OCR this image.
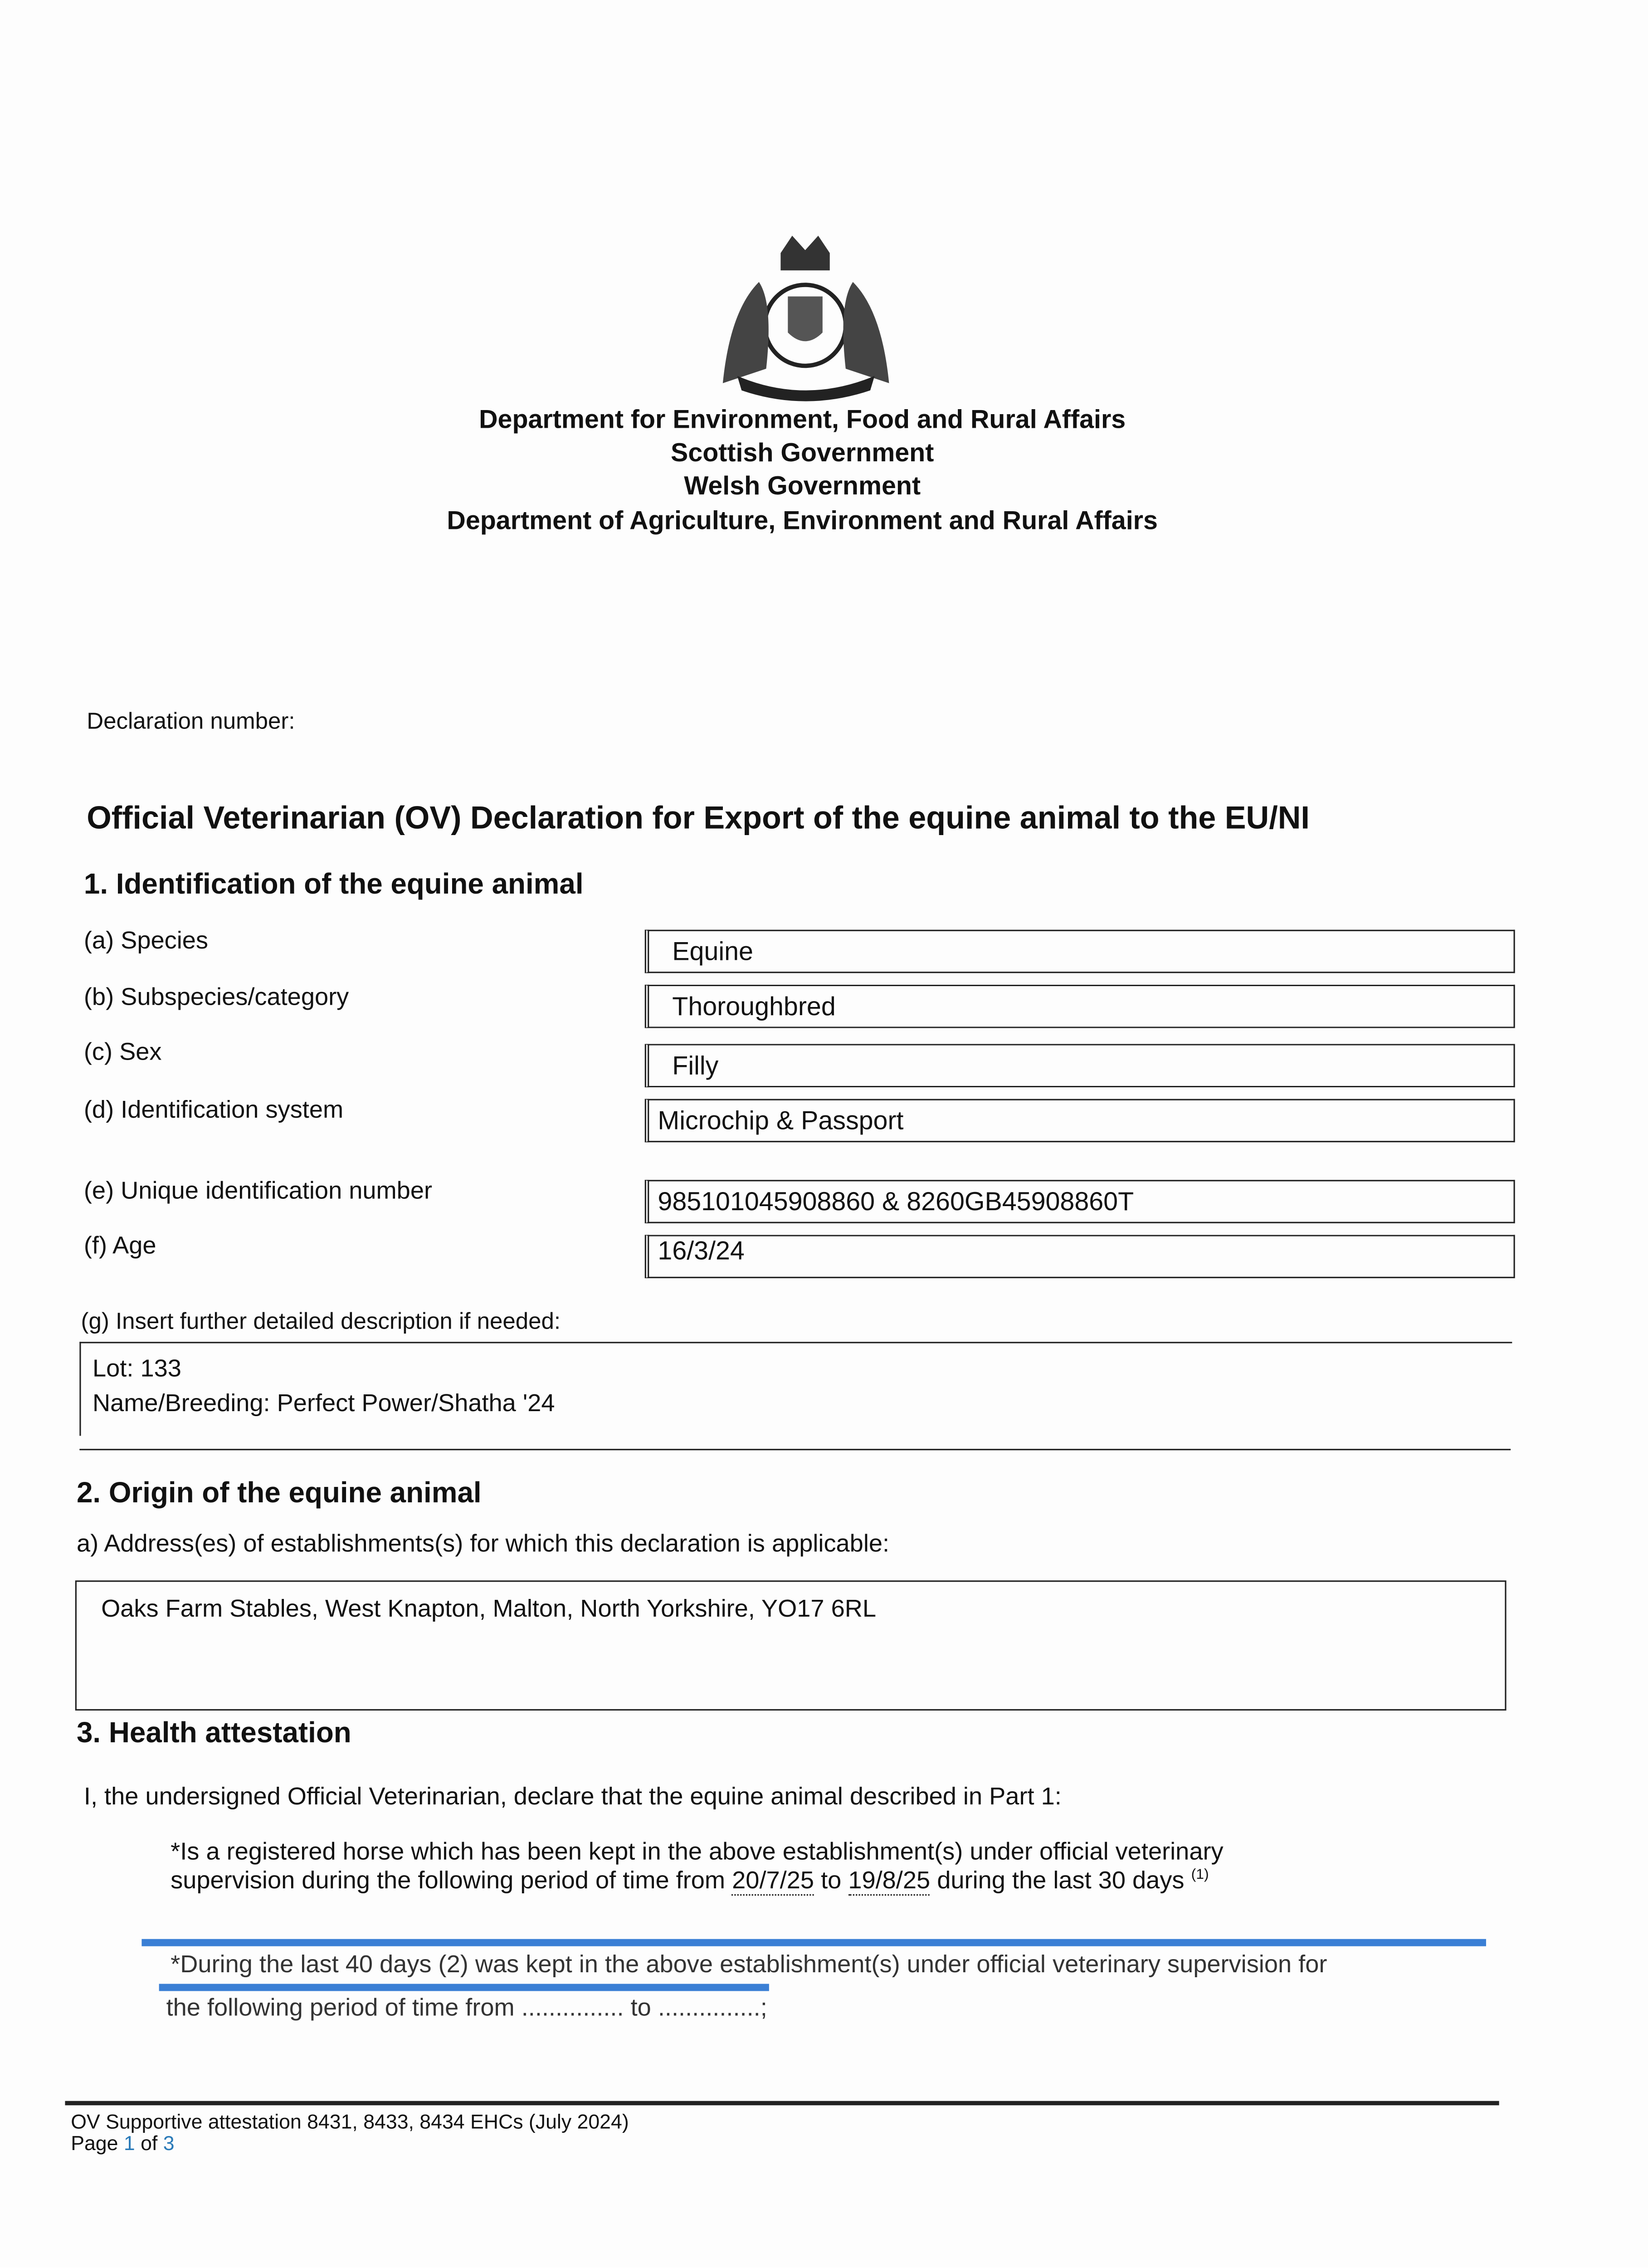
Department for Environment, Food and Rural Affairs
Scottish Government
Welsh Government
Department of Agriculture, Environment and Rural Affairs
Declaration number:
Official Veterinarian (OV) Declaration for Export of the equine animal to the EU/NI
1. Identification of the equine animal
(a) Species	Equine
(b) Subspecies/category	Thoroughbred
(c) Sex	Filly
(d) Identification system	Microchip & Passport
(e) Unique identification number	985101045908860 & 8260GB45908860T
(f) Age	16/3/24
(g) Insert further detailed description if needed:
Lot: 133
Name/Breeding: Perfect Power/Shatha '24
2. Origin of the equine animal
a) Address(es) of establishments(s) for which this declaration is applicable:
Oaks Farm Stables, West Knapton, Malton, North Yorkshire, YO17 6RL
3. Health attestation
I, the undersigned Official Veterinarian, declare that the equine animal described in Part 1:
*Is a registered horse which has been kept in the above establishment(s) under official veterinary
supervision during the following period of time from 20/7/25 to 19/8/25 during the last 30 days $^{(1)}$
*During the last 40 days (2) was kept in the above establishment(s) under official veterinary supervision for
the following period of time from ............... to ...............;
OV Supportive attestation 8431, 8433, 8434 EHCs (July 2024)
Page 1 of 3
